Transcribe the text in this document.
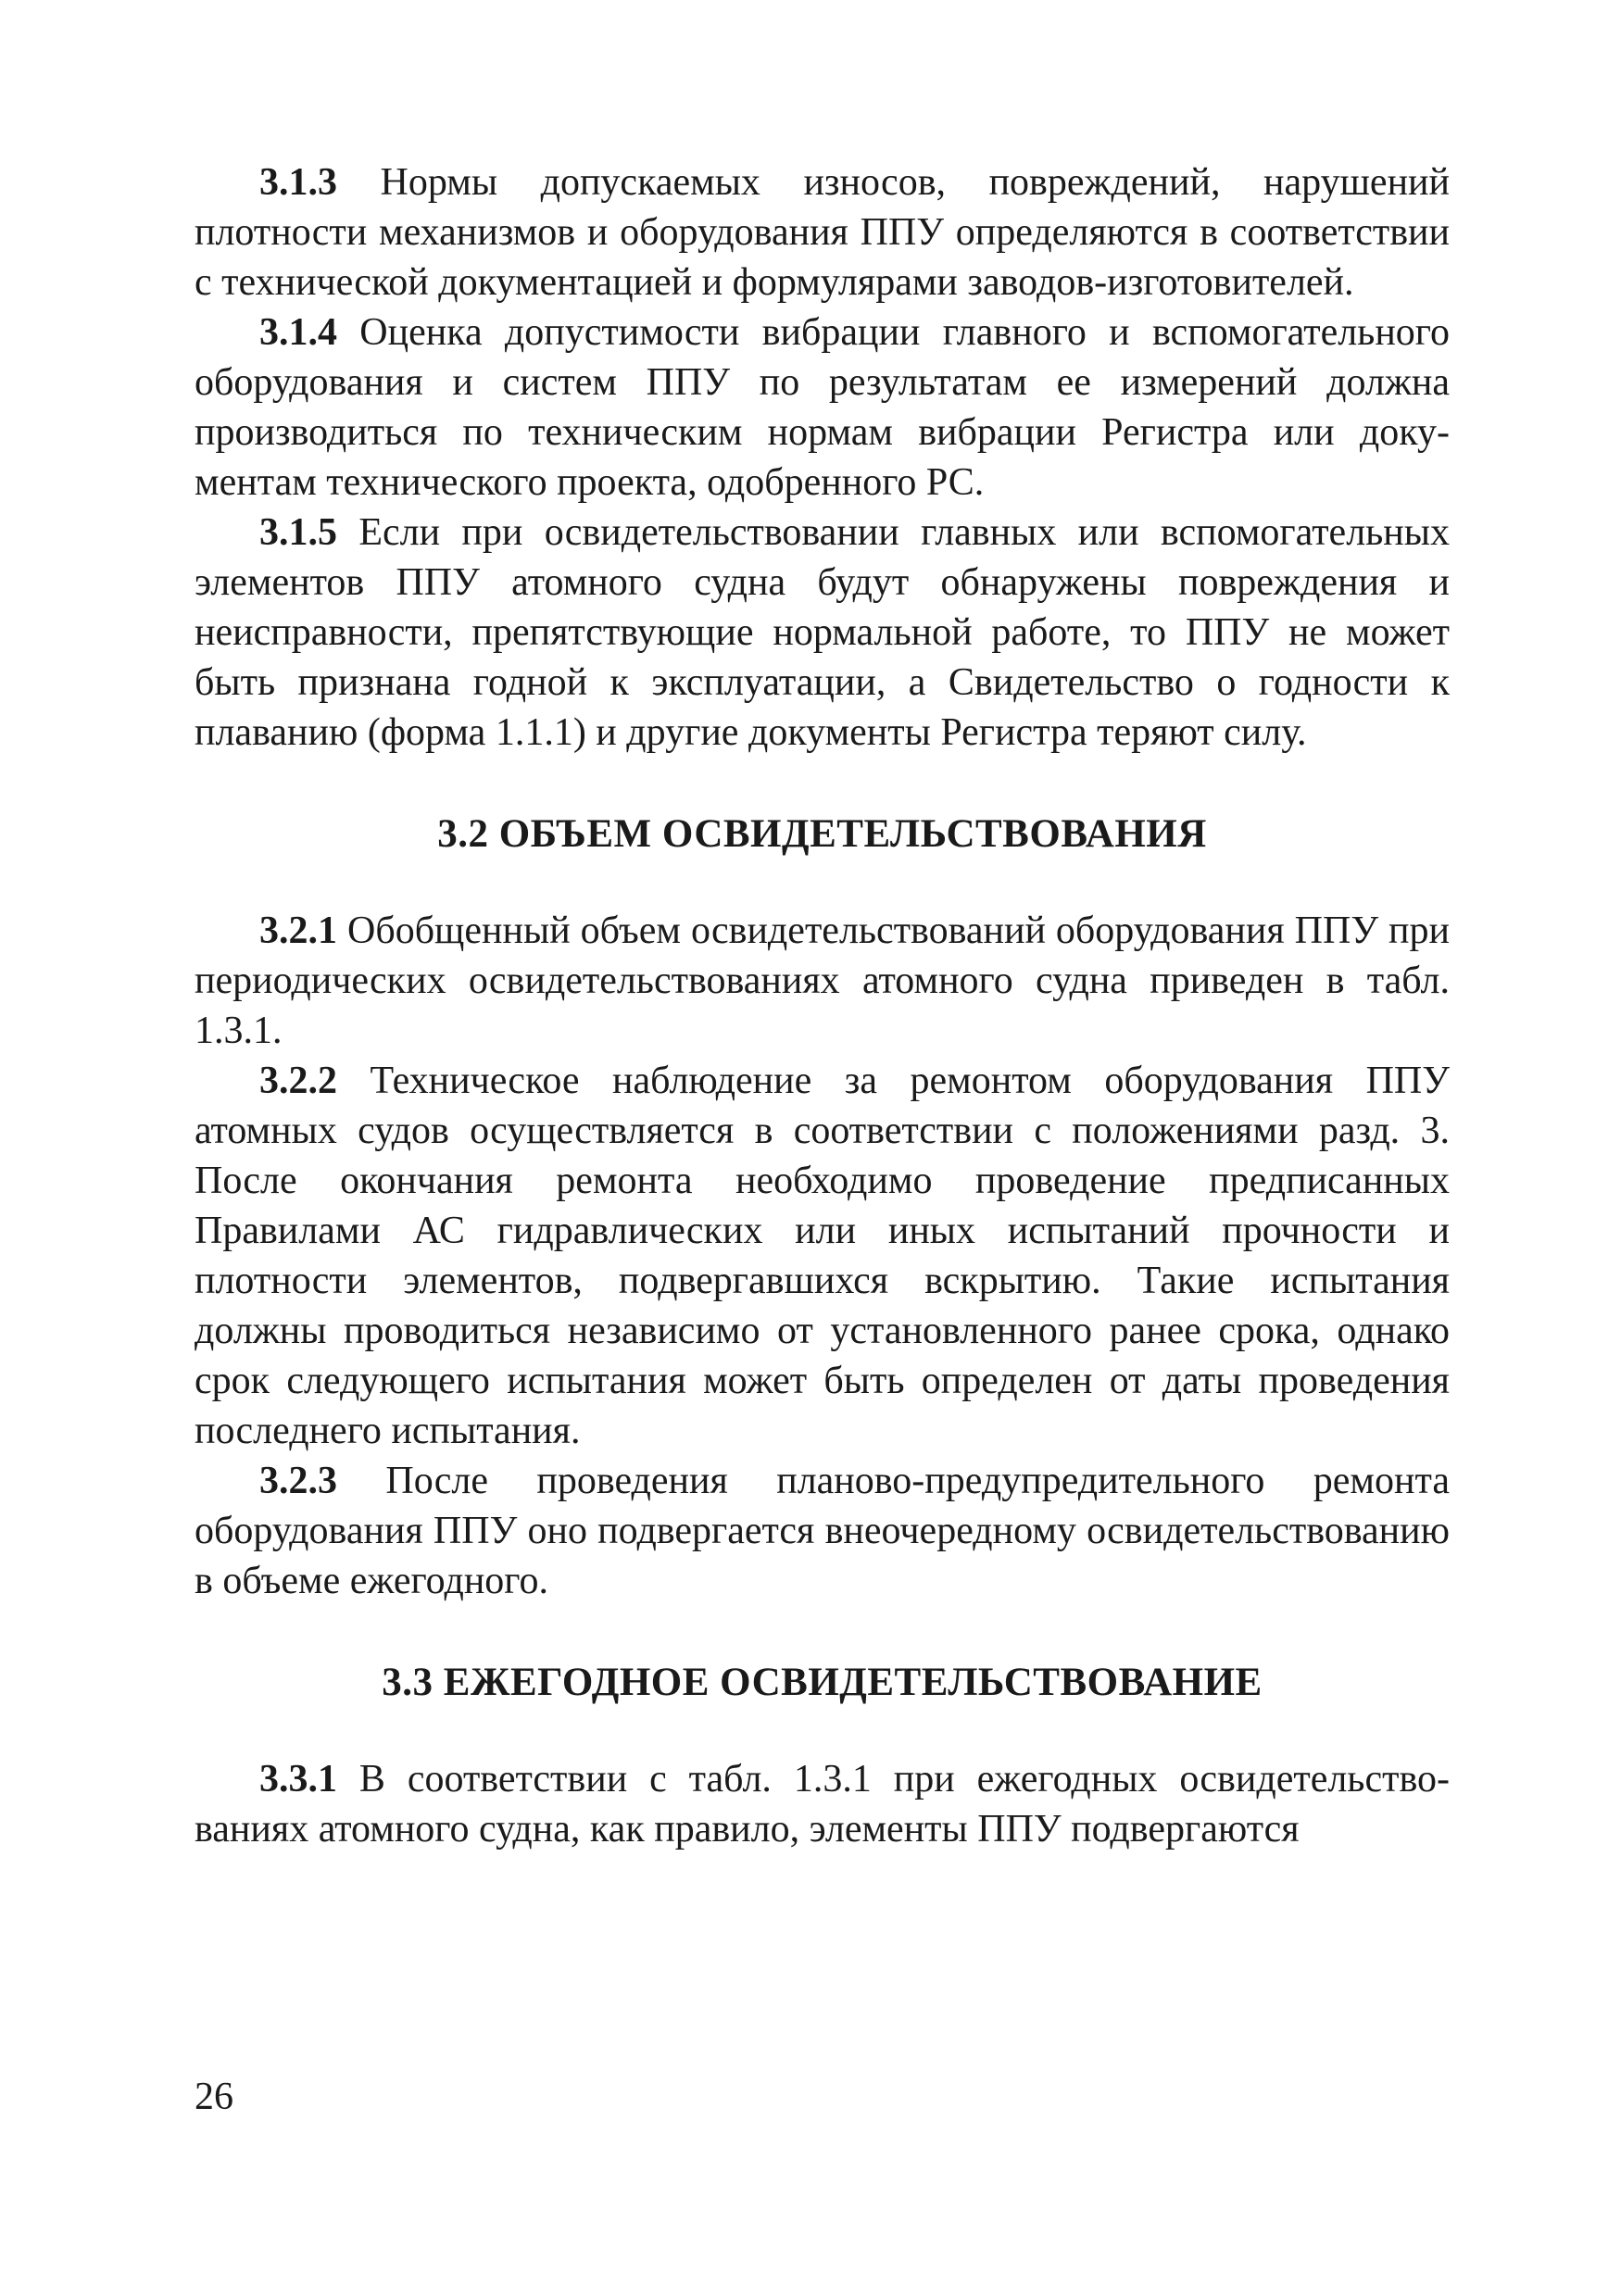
3.1.3 Нормы допускаемых износов, повреждений, нарушений плотности механизмов и оборудования ППУ определяются в соответствии с технической документацией и формулярами заводов-изготовителей.

3.1.4 Оценка допустимости вибрации главного и вспомогательного оборудования и систем ППУ по результатам ее измерений должна производиться по техническим нормам вибрации Регистра или документам технического проекта, одобренного РС.

3.1.5 Если при освидетельствовании главных или вспомогательных элементов ППУ атомного судна будут обнаружены повреждения и неисправности, препятствующие нормальной работе, то ППУ не может быть признана годной к эксплуатации, а Свидетельство о годности к плаванию (форма 1.1.1) и другие документы Регистра теряют силу.

3.2 ОБЪЕМ ОСВИДЕТЕЛЬСТВОВАНИЯ

3.2.1 Обобщенный объем освидетельствований оборудования ППУ при периодических освидетельствованиях атомного судна приведен в табл. 1.3.1.

3.2.2 Техническое наблюдение за ремонтом оборудования ППУ атомных судов осуществляется в соответствии с положениями разд. 3. После окончания ремонта необходимо проведение предписанных Правилами АС гидравлических или иных испытаний прочности и плотности элементов, подвергавшихся вскрытию. Такие испытания должны проводиться независимо от установленного ранее срока, однако срок следующего испытания может быть определен от даты проведения последнего испытания.

3.2.3 После проведения планово-предупредительного ремонта оборудования ППУ оно подвергается внеочередному освидетельствованию в объеме ежегодного.

3.3 ЕЖЕГОДНОЕ ОСВИДЕТЕЛЬСТВОВАНИЕ

3.3.1 В соответствии с табл. 1.3.1 при ежегодных освидетельствованиях атомного судна, как правило, элементы ППУ подвергаются

26
